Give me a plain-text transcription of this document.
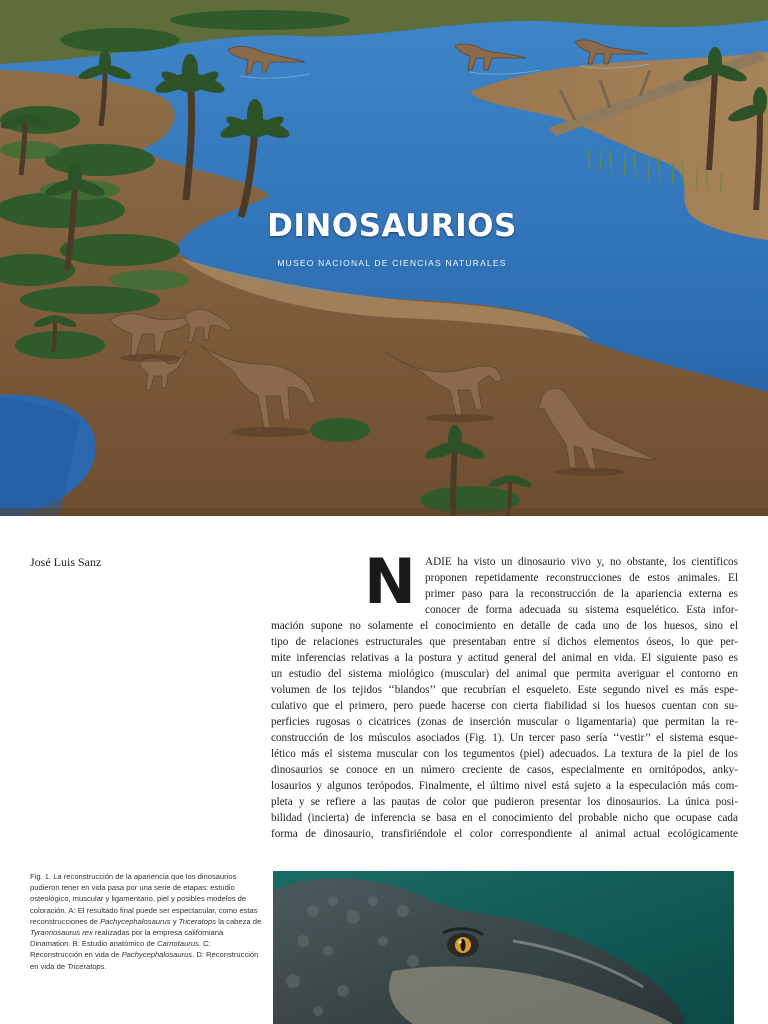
DINOSAURIOS
MUSEO NACIONAL DE CIENCIAS NATURALES
José Luis Sanz	N ADIE ha visto un dinosaurio vivo y, no obstante, los científicos
proponen repetidamente reconstrucciones de estos animales. El
primer paso para la reconstrucción de la apariencia externa es
conocer de forma adecuada su sistema esquelético. Esta infor-
mación supone no solamente el conocimiento en detalle de cada uno de los huesos, sino el
tipo de relaciones estructurales que presentaban entre sí dichos elementos óseos, lo que per-
mite inferencias relativas a la postura y actitud general del animal en vida. El siguiente paso es
un estudio del sistema miológico (muscular) del animal que permita averiguar el contorno en
volumen de los tejidos ‘‘blandos’’ que recubrían el esqueleto. Este segundo nivel es más espe-
culativo que el primero, pero puede hacerse con cierta fiabilidad si los huesos cuentan con su-
perficies rugosas o cicatrices (zonas de inserción muscular o ligamentaria) que permitan la re-
construcción de los músculos asociados (Fig. 1). Un tercer paso sería ‘‘vestir’’ el sistema esque-
lético más el sistema muscular con los tegumentos (piel) adecuados. La textura de la piel de los
dinosaurios se conoce en un número creciente de casos, especialmente en ornitópodos, anky-
losaurios y algunos terópodos. Finalmente, el último nivel está sujeto a la especulación más com-
pleta y se refiere a las pautas de color que pudieron presentar los dinosaurios. La única posi-
bilidad (incierta) de inferencia se basa en el conocimiento del probable nicho que ocupase cada
forma de dinosaurio, transfiriéndole el color correspondiente al animal actual ecológicamente
Fig. 1. La reconstrucción de la apariencia que los dinosaurios pudieron tener en vida pasa por una serie de etapas: estudio osteológico, muscular y ligamentario, piel y posibles modelos de coloración. A: El resultado final puede ser espectacular, como estas reconstrucciones de Pachycephalosaurus y Triceratops la cabeza de Tyrannosaurus rex realizadas por la empresa californiana Dinamation. B: Estudio anatómico de Carnotaurus. C: Reconstrucción en vida de Pachycephalosaurus. D: Reconstrucción en vida de Triceratops.
